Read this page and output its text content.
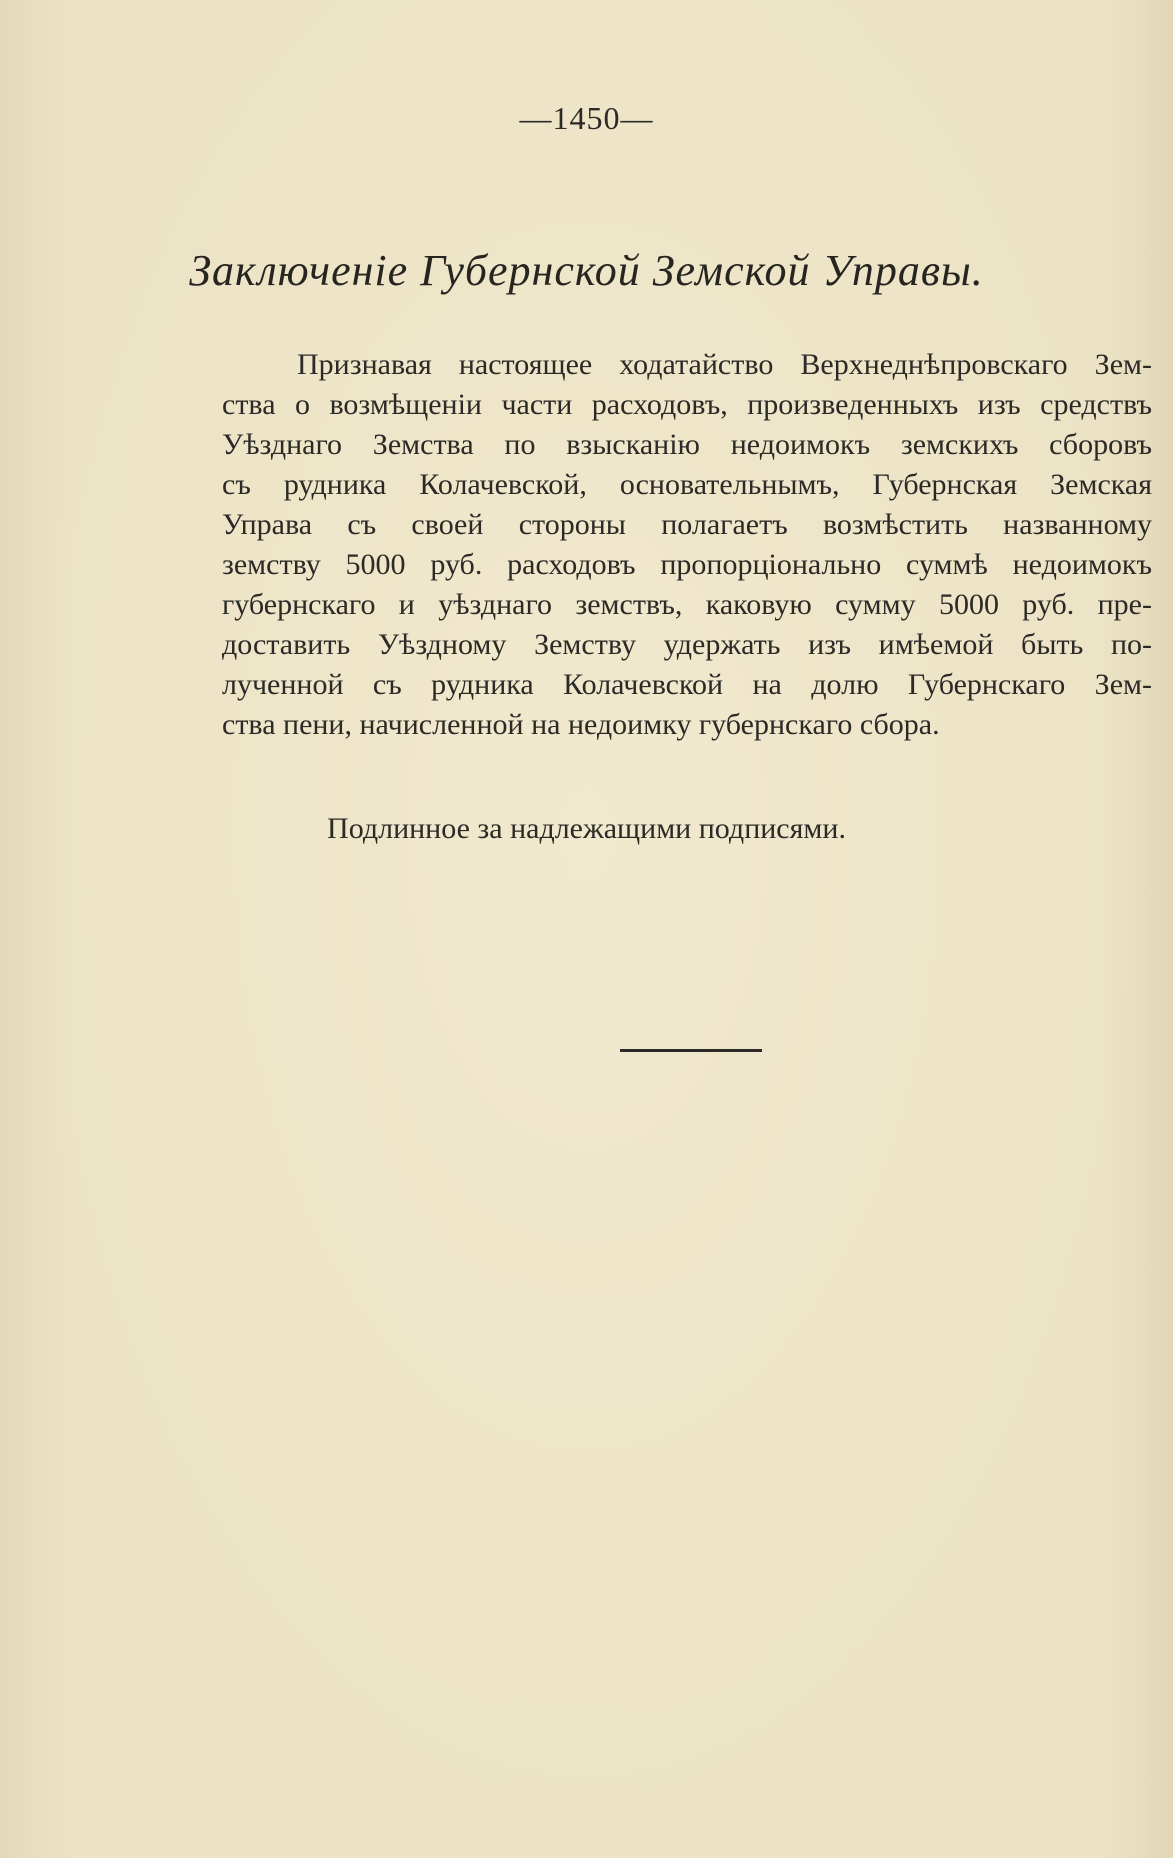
—1450—
Заключенiе Губернской Земской Управы.
Признавая настоящее ходатайство Верхнеднѣпровскаго Зем-
ства о возмѣщенiи части расходовъ, произведенныхъ изъ средствъ
Уѣзднаго Земства по взысканiю недоимокъ земскихъ сборовъ
съ рудника Колачевской, основательнымъ, Губернская Земская
Управа съ своей стороны полагаетъ возмѣстить названному
земству 5000 руб. расходовъ пропорцiонально суммѣ недоимокъ
губернскаго и уѣзднаго земствъ, каковую сумму 5000 руб. пре-
доставить Уѣздному Земству удержать изъ имѣемой быть по-
лученной съ рудника Колачевской на долю Губернскаго Зем-
ства пени, начисленной на недоимку губернскаго сбора.
Подлинное за надлежащими подписями.
